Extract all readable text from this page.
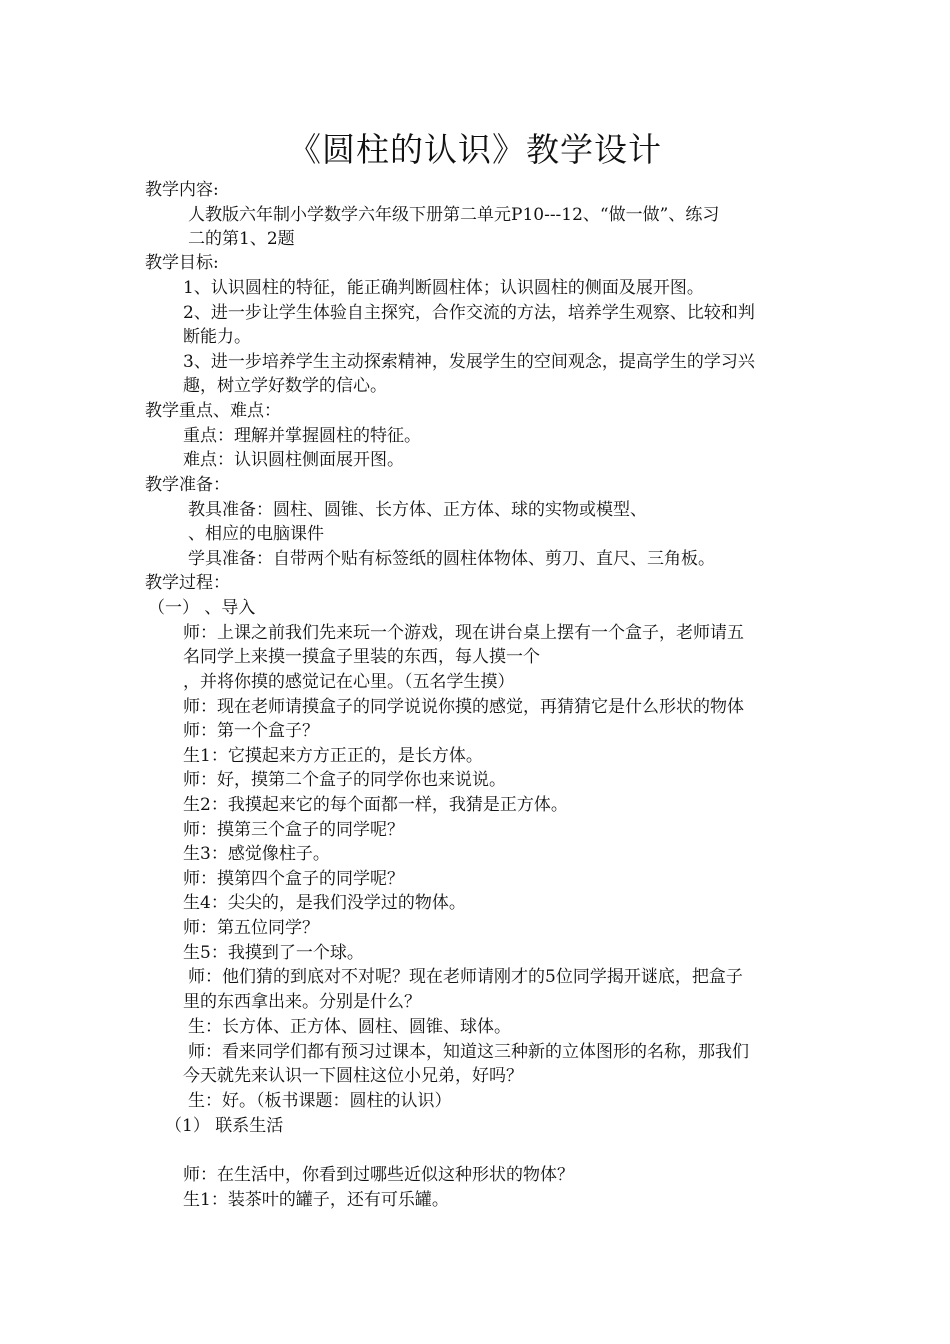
《圆柱的认识》教学设计
教学内容:
人教版六年制小学数学六年级下册第二单元P10---12、“做一做”、练习
二的第1、2题
教学目标:
1、认识圆柱的特征，能正确判断圆柱体；认识圆柱的侧面及展开图。
2、进一步让学生体验自主探究，合作交流的方法，培养学生观察、比较和判
断能力。
3、进一步培养学生主动探索精神，发展学生的空间观念，提高学生的学习兴
趣，树立学好数学的信心。
教学重点、难点：
重点：理解并掌握圆柱的特征。
难点：认识圆柱侧面展开图。
教学准备：
教具准备：圆柱、圆锥、长方体、正方体、球的实物或模型、
、相应的电脑课件
学具准备：自带两个贴有标签纸的圆柱体物体、剪刀、直尺、三角板。
教学过程：
（一） 、导入
师：上课之前我们先来玩一个游戏，现在讲台桌上摆有一个盒子，老师请五
名同学上来摸一摸盒子里装的东西，每人摸一个
，并将你摸的感觉记在心里。（五名学生摸）
师：现在老师请摸盒子的同学说说你摸的感觉，再猜猜它是什么形状的物体
师：第一个盒子？
生1：它摸起来方方正正的，是长方体。
师：好，摸第二个盒子的同学你也来说说。
生2：我摸起来它的每个面都一样，我猜是正方体。
师：摸第三个盒子的同学呢？
生3：感觉像柱子。
师：摸第四个盒子的同学呢？
生4：尖尖的，是我们没学过的物体。
师：第五位同学？
生5：我摸到了一个球。
师：他们猜的到底对不对呢？现在老师请刚才的5位同学揭开谜底，把盒子
里的东西拿出来。分别是什么？
生：长方体、正方体、圆柱、圆锥、球体。
师：看来同学们都有预习过课本，知道这三种新的立体图形的名称，那我们
今天就先来认识一下圆柱这位小兄弟，好吗？
生：好。（板书课题：圆柱的认识）
（1） 联系生活
师：在生活中，你看到过哪些近似这种形状的物体？
生1：装茶叶的罐子，还有可乐罐。
